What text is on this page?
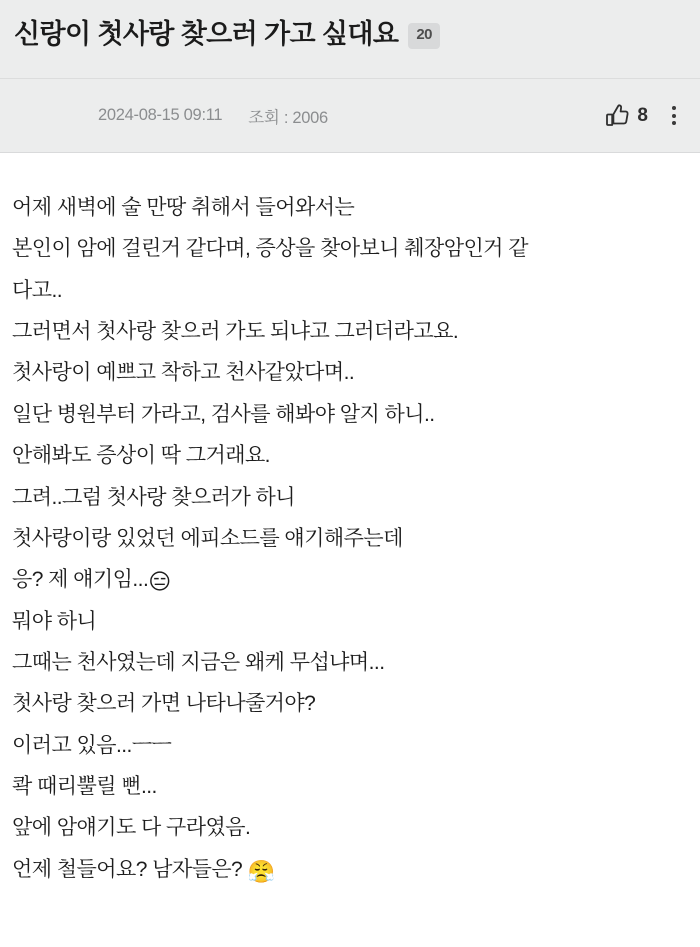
신랑이 첫사랑 찾으러 가고 싶대요 20
2024-08-15 09:11 조회 : 2006	8
어제 새벽에 술 만땅 취해서 들어와서는
본인이 암에 걸린거 같다며, 증상을 찾아보니 췌장암인거 같
다고..
그러면서 첫사랑 찾으러 가도 되냐고 그러더라고요.
첫사랑이 예쁘고 착하고 천사같았다며..
일단 병원부터 가라고, 검사를 해봐야 알지 하니..
안해봐도 증상이 딱 그거래요.
그려..그럼 첫사랑 찾으러가 하니
첫사랑이랑 있었던 에피소드를 얘기해주는데
응? 제 얘기임...😑
뭐야 하니
그때는 천사였는데 지금은 왜케 무섭냐며...
첫사랑 찾으러 가면 나타나줄거야?
이러고 있음...ㅡㅡ
콱 때리뿔릴 뻔...
앞에 암얘기도 다 구라였음.
언제 철들어요? 남자들은? 😤
